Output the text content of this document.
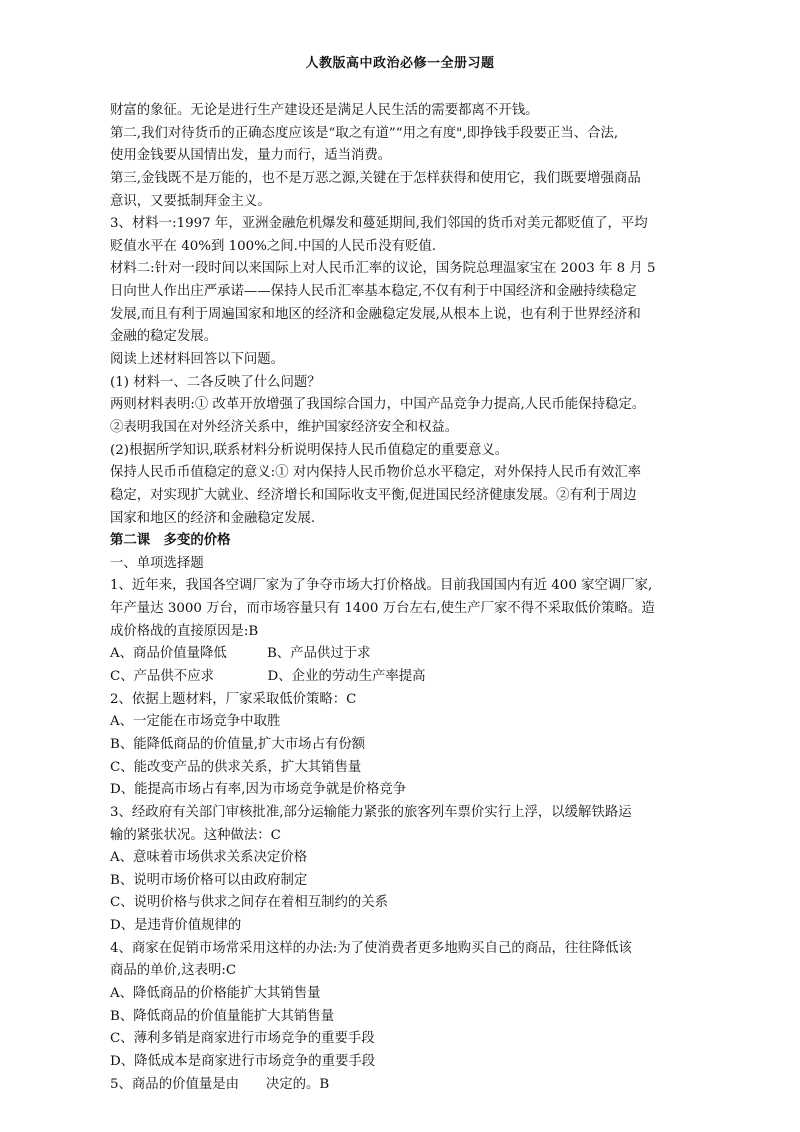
人教版高中政治必修一全册习题
财富的象征。无论是进行生产建设还是满足人民生活的需要都离不开钱。
第二,我们对待货币的正确态度应该是“取之有道”“用之有度",即挣钱手段要正当、合法,
使用金钱要从国情出发，量力而行，适当消费。
第三,金钱既不是万能的，也不是万恶之源,关键在于怎样获得和使用它，我们既要增强商品
意识，又要抵制拜金主义。
3、材料一:1997 年，亚洲金融危机爆发和蔓延期间,我们邻国的货币对美元都贬值了，平均
贬值水平在 40%到 100%之间.中国的人民币没有贬值.
材料二:针对一段时间以来国际上对人民币汇率的议论，国务院总理温家宝在 2003 年 8 月 5
日向世人作出庄严承诺——保持人民币汇率基本稳定,不仅有利于中国经济和金融持续稳定
发展,而且有利于周遍国家和地区的经济和金融稳定发展,从根本上说，也有利于世界经济和
金融的稳定发展。
阅读上述材料回答以下问题。
(1) 材料一、二各反映了什么问题？
两则材料表明:① 改革开放增强了我国综合国力，中国产品竞争力提高,人民币能保持稳定。
②表明我国在对外经济关系中，维护国家经济安全和权益。
(2)根据所学知识,联系材料分析说明保持人民币值稳定的重要意义。
保持人民币币值稳定的意义:① 对内保持人民币物价总水平稳定，对外保持人民币有效汇率
稳定，对实现扩大就业、经济增长和国际收支平衡,促进国民经济健康发展。②有利于周边
国家和地区的经济和金融稳定发展.
第二课　多变的价格
一、单项选择题
1、近年来，我国各空调厂家为了争夺市场大打价格战。目前我国国内有近 400 家空调厂家,
年产量达 3000 万台，而市场容量只有 1400 万台左右,使生产厂家不得不采取低价策略。造
成价格战的直接原因是:B
A、商品价值量降低　　　B、产品供过于求
C、产品供不应求　　　　D、企业的劳动生产率提高
2、依据上题材料，厂家采取低价策略：C
A、一定能在市场竞争中取胜
B、能降低商品的价值量,扩大市场占有份额
C、能改变产品的供求关系，扩大其销售量
D、能提高市场占有率,因为市场竞争就是价格竞争
3、经政府有关部门审核批准,部分运输能力紧张的旅客列车票价实行上浮，以缓解铁路运
输的紧张状况。这种做法：C
A、意味着市场供求关系决定价格
B、说明市场价格可以由政府制定
C、说明价格与供求之间存在着相互制约的关系
D、是违背价值规律的
4、商家在促销市场常采用这样的办法:为了使消费者更多地购买自己的商品，往往降低该
商品的单价,这表明:C
A、降低商品的价格能扩大其销售量
B、降低商品的价值量能扩大其销售量
C、薄利多销是商家进行市场竞争的重要手段
D、降低成本是商家进行市场竞争的重要手段
5、商品的价值量是由　　决定的。B
